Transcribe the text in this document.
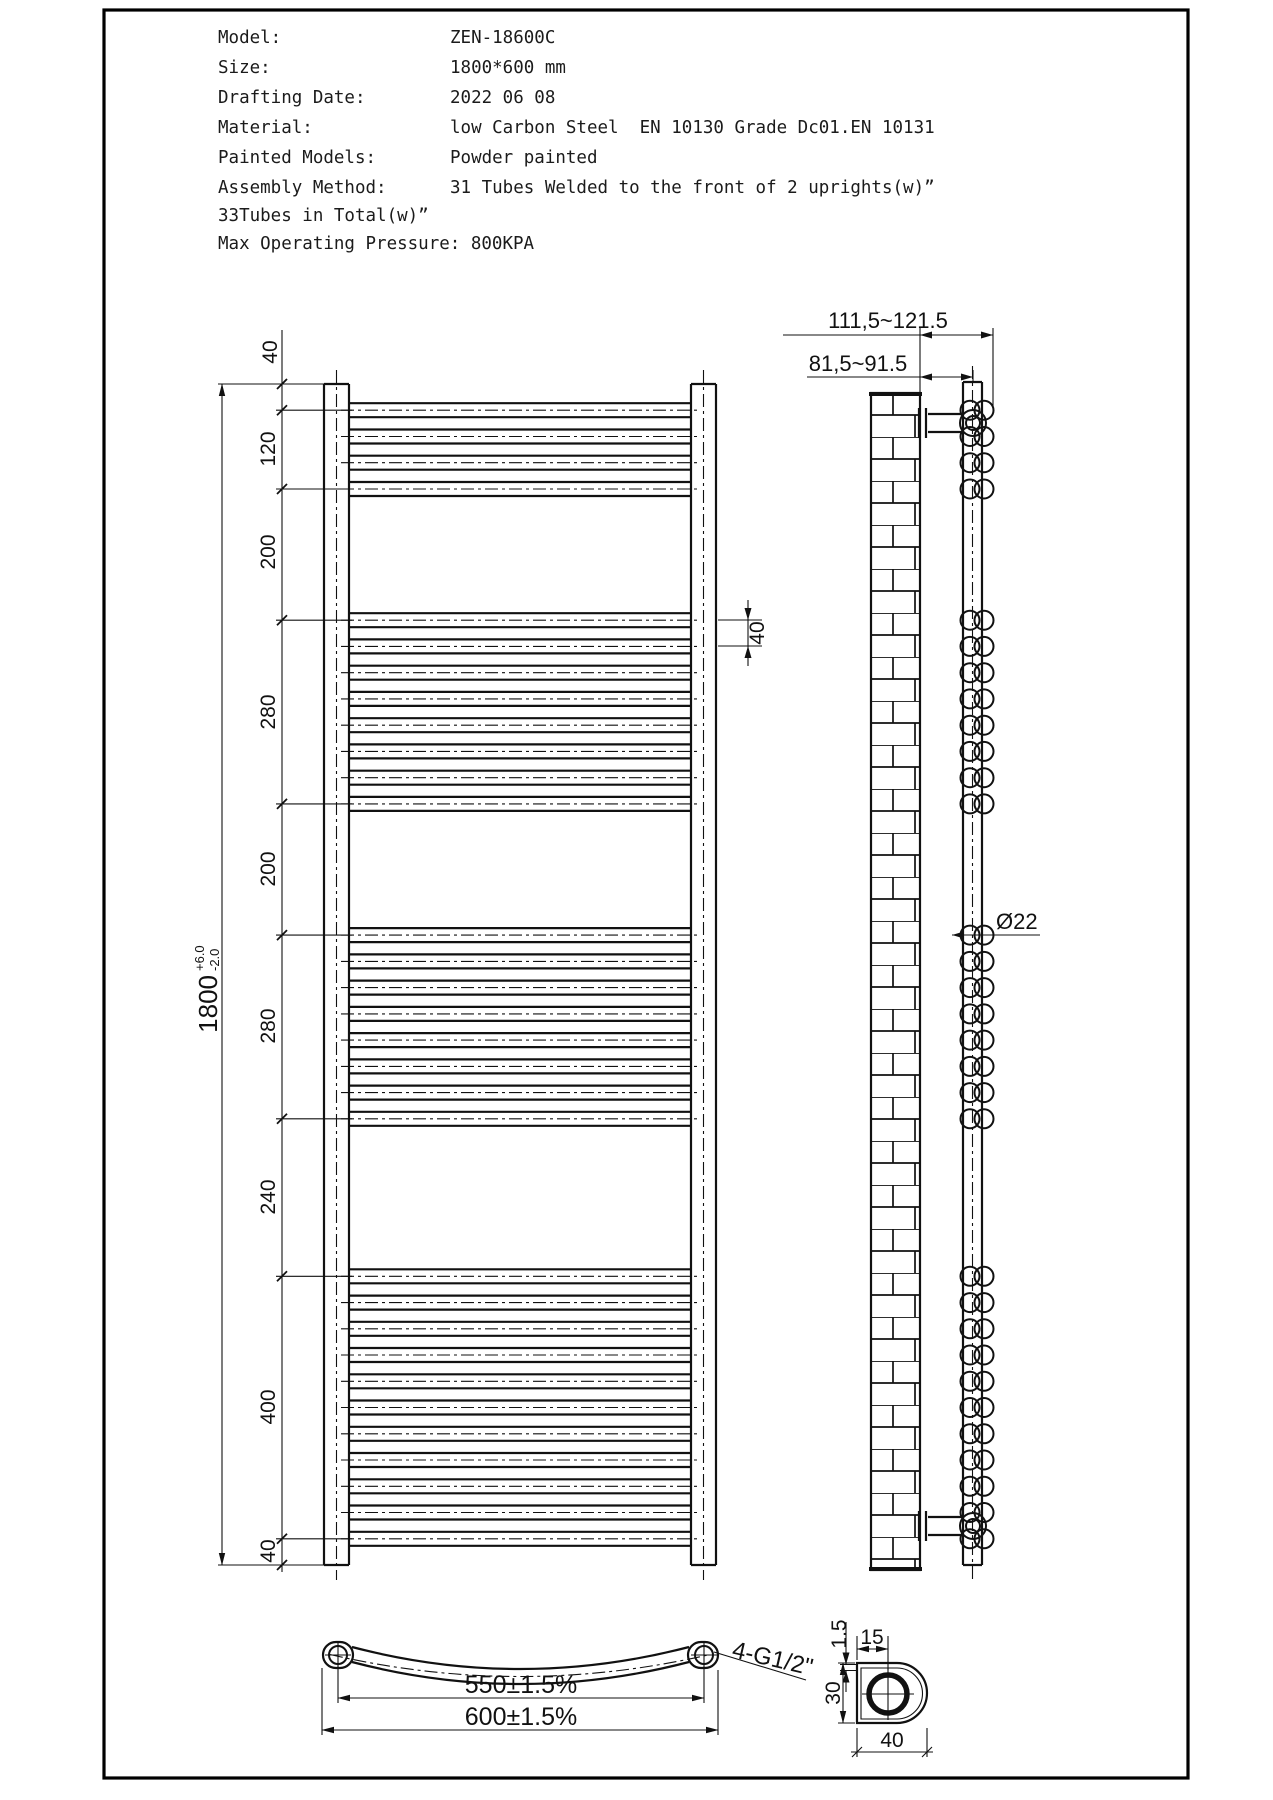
Model:	ZEN-18600C
Size:	1800*600 mm
Drafting Date:	2022 06 08
Material:	low Carbon Steel  EN 10130 Grade Dc01.EN 10131
Painted Models:	Powder painted
Assembly Method:	31 Tubes Welded to the front of 2 uprights(w)”
33Tubes in Total(w)”
Max Operating Pressure: 800KPA
40
120
200
280
200
280
240
400
40
1800
+6.0 -2.0
40
111,5~121.5
81,5~91.5
Ø22
550±1.5%
600±1.5%
4-G1/2"
1.5 15
30
40
